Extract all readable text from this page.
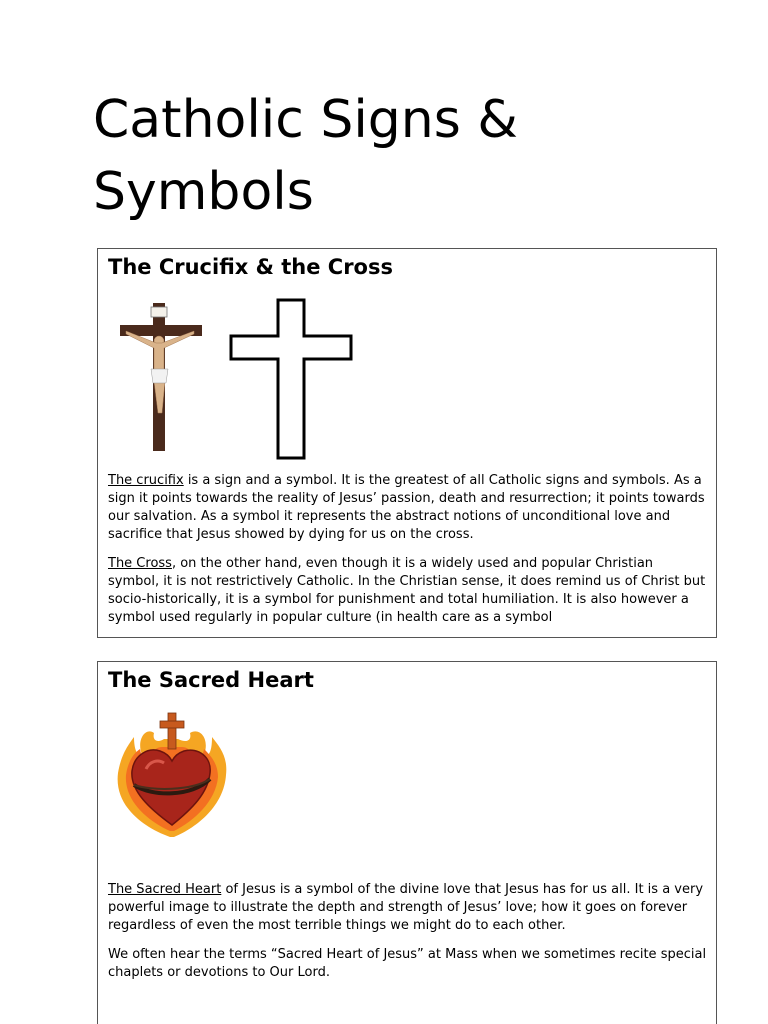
Catholic Signs &
Symbols
The Crucifix & the Cross

The crucifix is a sign and a symbol. It is the greatest of all Catholic signs and symbols. As a sign it points towards the reality of Jesus’ passion, death and resurrection; it points towards our salvation. As a symbol it represents the abstract notions of unconditional love and sacrifice that Jesus showed by dying for us on the cross.

The Cross, on the other hand, even though it is a widely used and popular Christian symbol, it is not restrictively Catholic. In the Christian sense, it does remind us of Christ but socio-historically, it is a symbol for punishment and total humiliation. It is also however a symbol used regularly in popular culture (in health care as a symbol

The Sacred Heart

The Sacred Heart of Jesus is a symbol of the divine love that Jesus has for us all. It is a very powerful image to illustrate the depth and strength of Jesus’ love; how it goes on forever regardless of even the most terrible things we might do to each other.

We often hear the terms “Sacred Heart of Jesus” at Mass when we sometimes recite special chaplets or devotions to Our Lord.
